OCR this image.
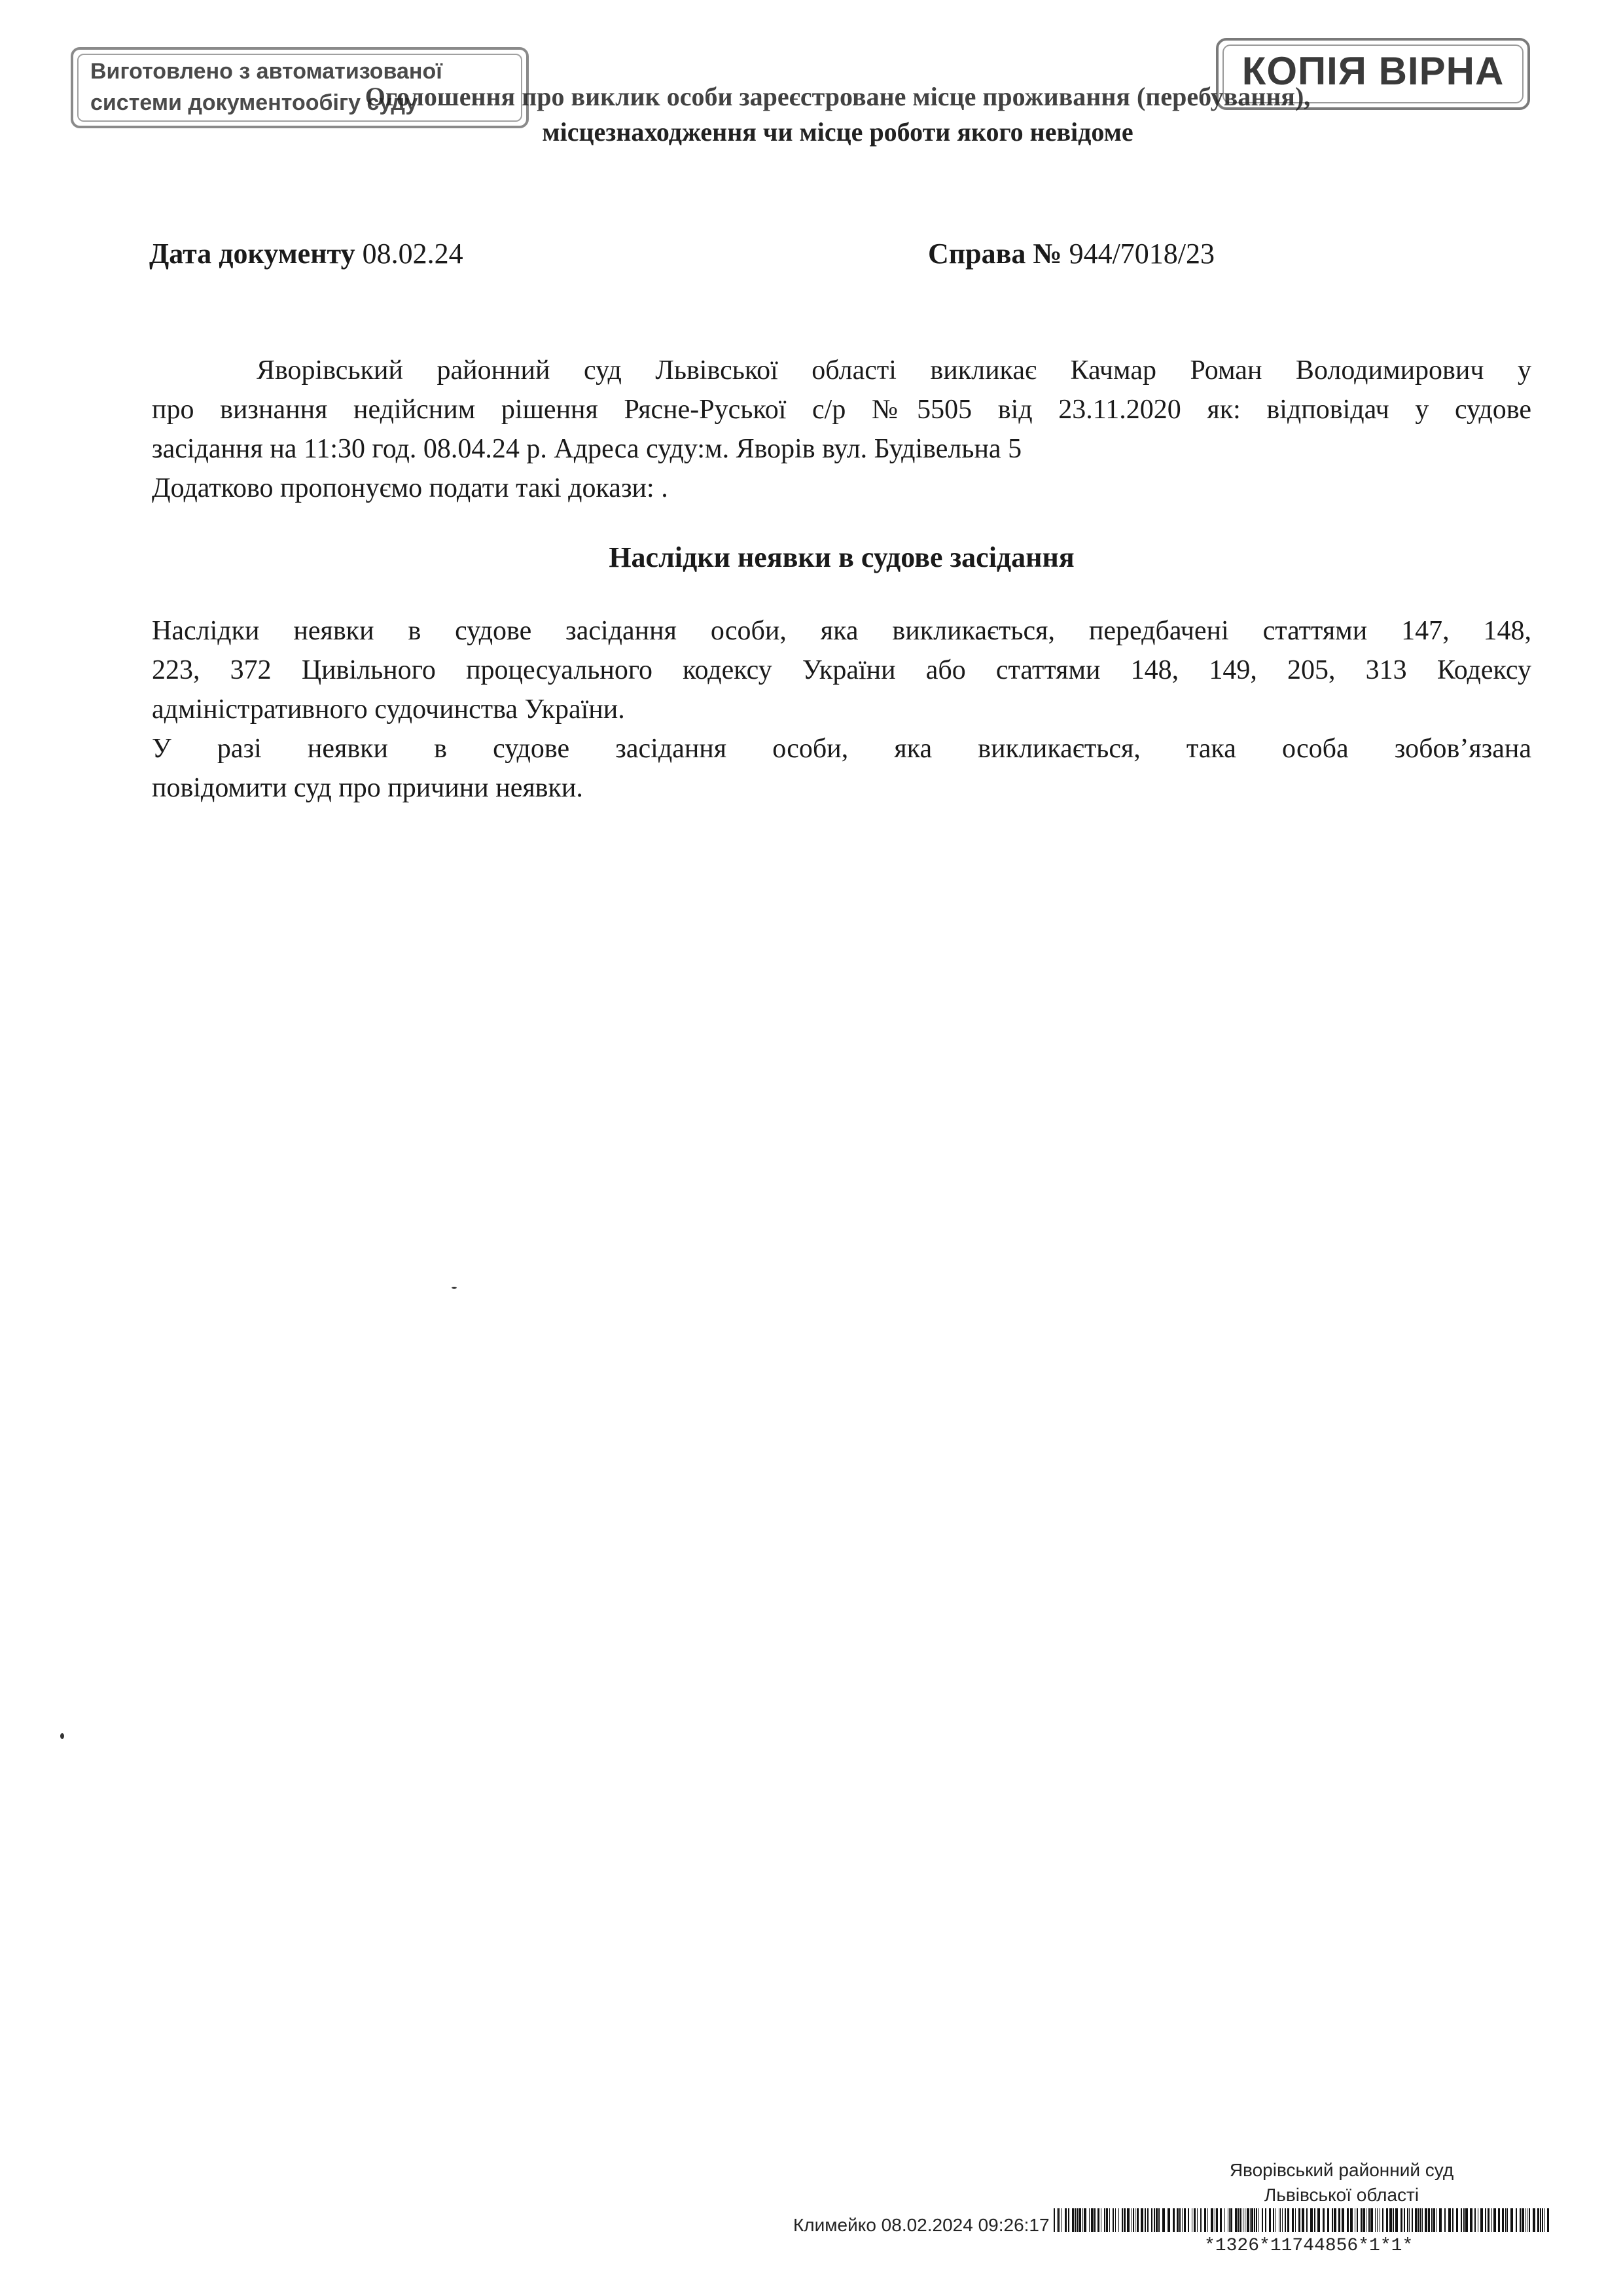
Виготовлено з автоматизованої
системи документообігу суду
КОПІЯ ВІРНА
Оголошення про виклик особи зареєстроване місце проживання (перебування),
місцезнаходження чи місце роботи якого невідоме
Дата документу 08.02.24	Справа № 944/7018/23
Яворівський районний суд Львівської області викликає Качмар Роман Володимирович у
про визнання недійсним рішення Рясне-Руської с/р №5505 від 23.11.2020 як: відповідач у судове
засідання на 11:30 год. 08.04.24 р. Адреса суду:м. Яворів вул. Будівельна 5
Додатково пропонуємо подати такі докази: .
Наслідки неявки в судове засідання
Наслідки неявки в судове засідання особи, яка викликається, передбачені статтями 147, 148,
223, 372 Цивільного процесуального кодексу України або статтями 148, 149, 205, 313 Кодексу
адміністративного судочинства України.
У разі неявки в судове засідання особи, яка викликається, така особа зобов’язана
повідомити суд про причини неявки.
Яворівський районний суд
Львівської області
Климейко 08.02.2024 09:26:17
*1326*11744856*1*1*
